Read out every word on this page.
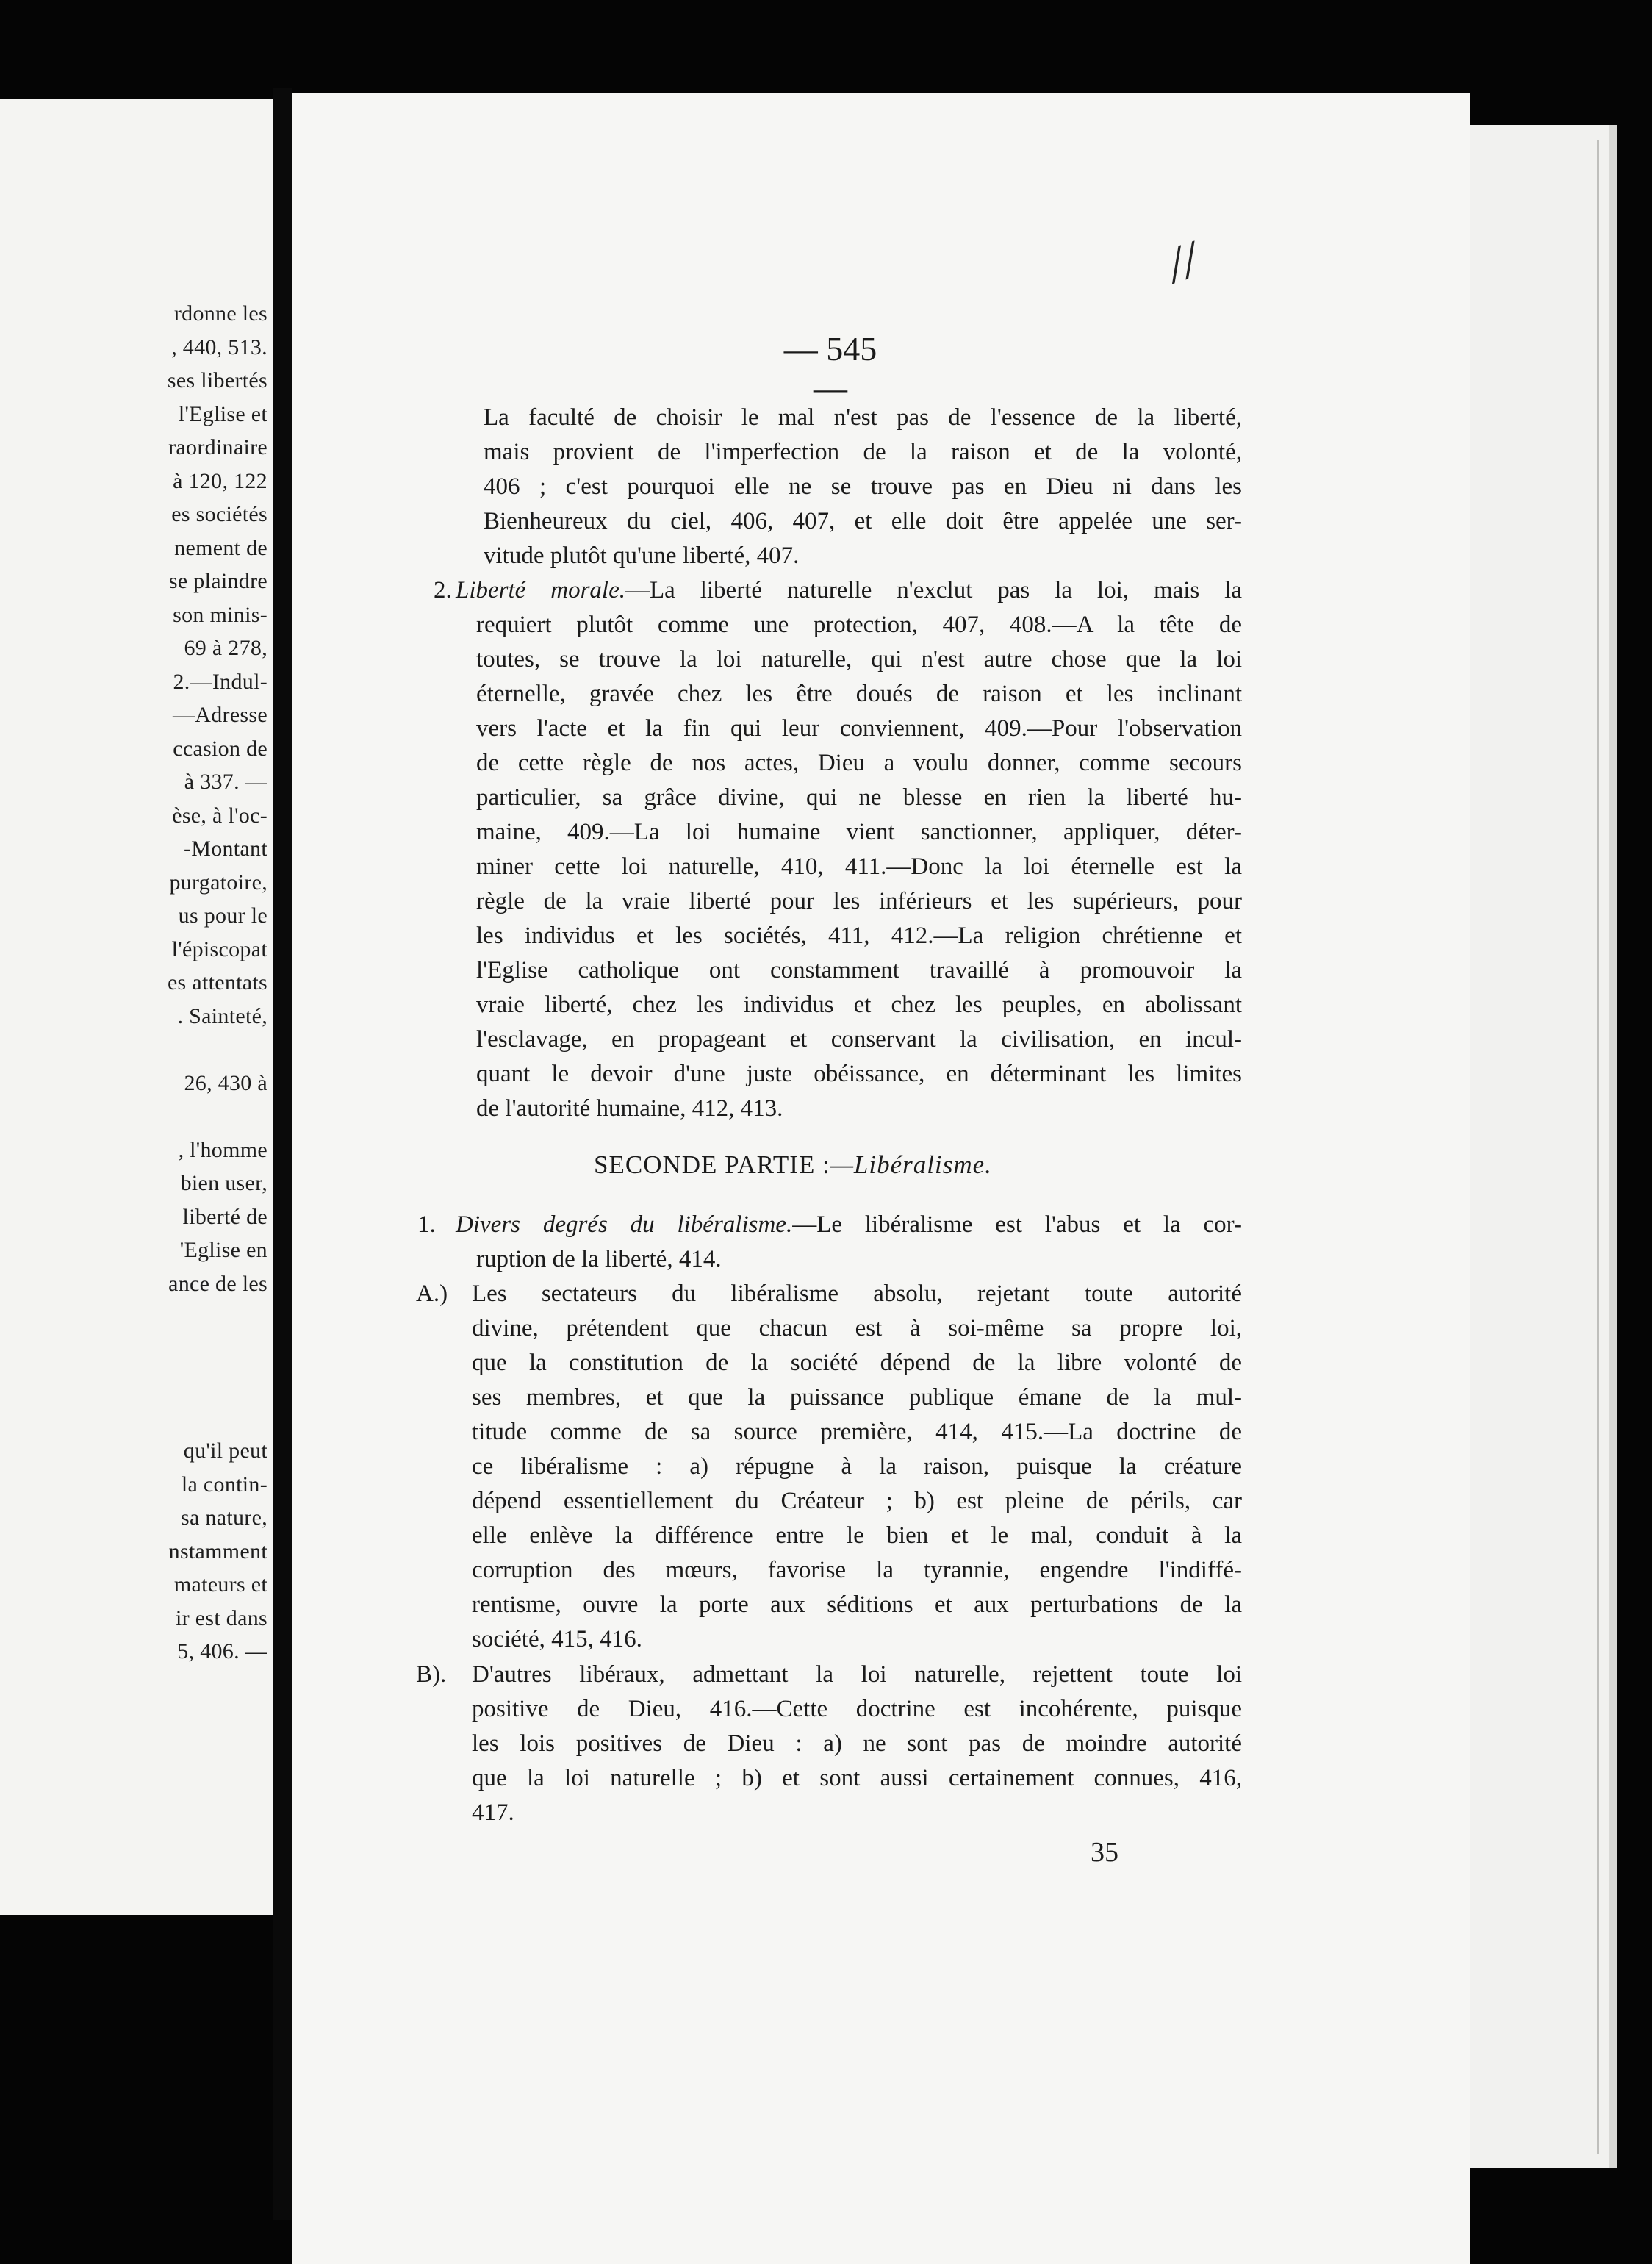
rdonne les
, 440, 513.
ses libertés
l'Eglise et
raordinaire
à 120, 122
es sociétés
nement de
se plaindre
son minis-
69 à 278,
2.—Indul-
—Adresse
ccasion de
à 337. —
èse, à l'oc-
-Montant
purgatoire,
us pour le
l'épiscopat
es attentats
. Sainteté,
26, 430 à
, l'homme
bien user,
liberté de
'Eglise en
ance de les
qu'il peut
la contin-
sa nature,
nstamment
mateurs et
ir est dans
5, 406. —
//
— 545 —
La faculté de choisir le mal n'est pas de l'essence de la liberté,
mais provient de l'imperfection de la raison et de la volonté,
406 ; c'est pourquoi elle ne se trouve pas en Dieu ni dans les
Bienheureux du ciel, 406, 407, et elle doit être appelée une ser-
vitude plutôt qu'une liberté, 407.
2. Liberté morale.—La liberté naturelle n'exclut pas la loi, mais la
requiert plutôt comme une protection, 407, 408.—A la tête de
toutes, se trouve la loi naturelle, qui n'est autre chose que la loi
éternelle, gravée chez les être doués de raison et les inclinant
vers l'acte et la fin qui leur conviennent, 409.—Pour l'observation
de cette règle de nos actes, Dieu a voulu donner, comme secours
particulier, sa grâce divine, qui ne blesse en rien la liberté hu-
maine, 409.—La loi humaine vient sanctionner, appliquer, déter-
miner cette loi naturelle, 410, 411.—Donc la loi éternelle est la
règle de la vraie liberté pour les inférieurs et les supérieurs, pour
les individus et les sociétés, 411, 412.—La religion chrétienne et
l'Eglise catholique ont constamment travaillé à promouvoir la
vraie liberté, chez les individus et chez les peuples, en abolissant
l'esclavage, en propageant et conservant la civilisation, en incul-
quant le devoir d'une juste obéissance, en déterminant les limites
de l'autorité humaine, 412, 413.
SECONDE PARTIE :—Libéralisme.
1. Divers degrés du libéralisme.—Le libéralisme est l'abus et la cor-
ruption de la liberté, 414.
A.) Les sectateurs du libéralisme absolu, rejetant toute autorité
divine, prétendent que chacun est à soi-même sa propre loi,
que la constitution de la société dépend de la libre volonté de
ses membres, et que la puissance publique émane de la mul-
titude comme de sa source première, 414, 415.—La doctrine de
ce libéralisme : a) répugne à la raison, puisque la créature
dépend essentiellement du Créateur ; b) est pleine de périls, car
elle enlève la différence entre le bien et le mal, conduit à la
corruption des mœurs, favorise la tyrannie, engendre l'indiffé-
rentisme, ouvre la porte aux séditions et aux perturbations de la
société, 415, 416.
B). D'autres libéraux, admettant la loi naturelle, rejettent toute loi
positive de Dieu, 416.—Cette doctrine est incohérente, puisque
les lois positives de Dieu : a) ne sont pas de moindre autorité
que la loi naturelle ; b) et sont aussi certainement connues, 416,
417.
35
